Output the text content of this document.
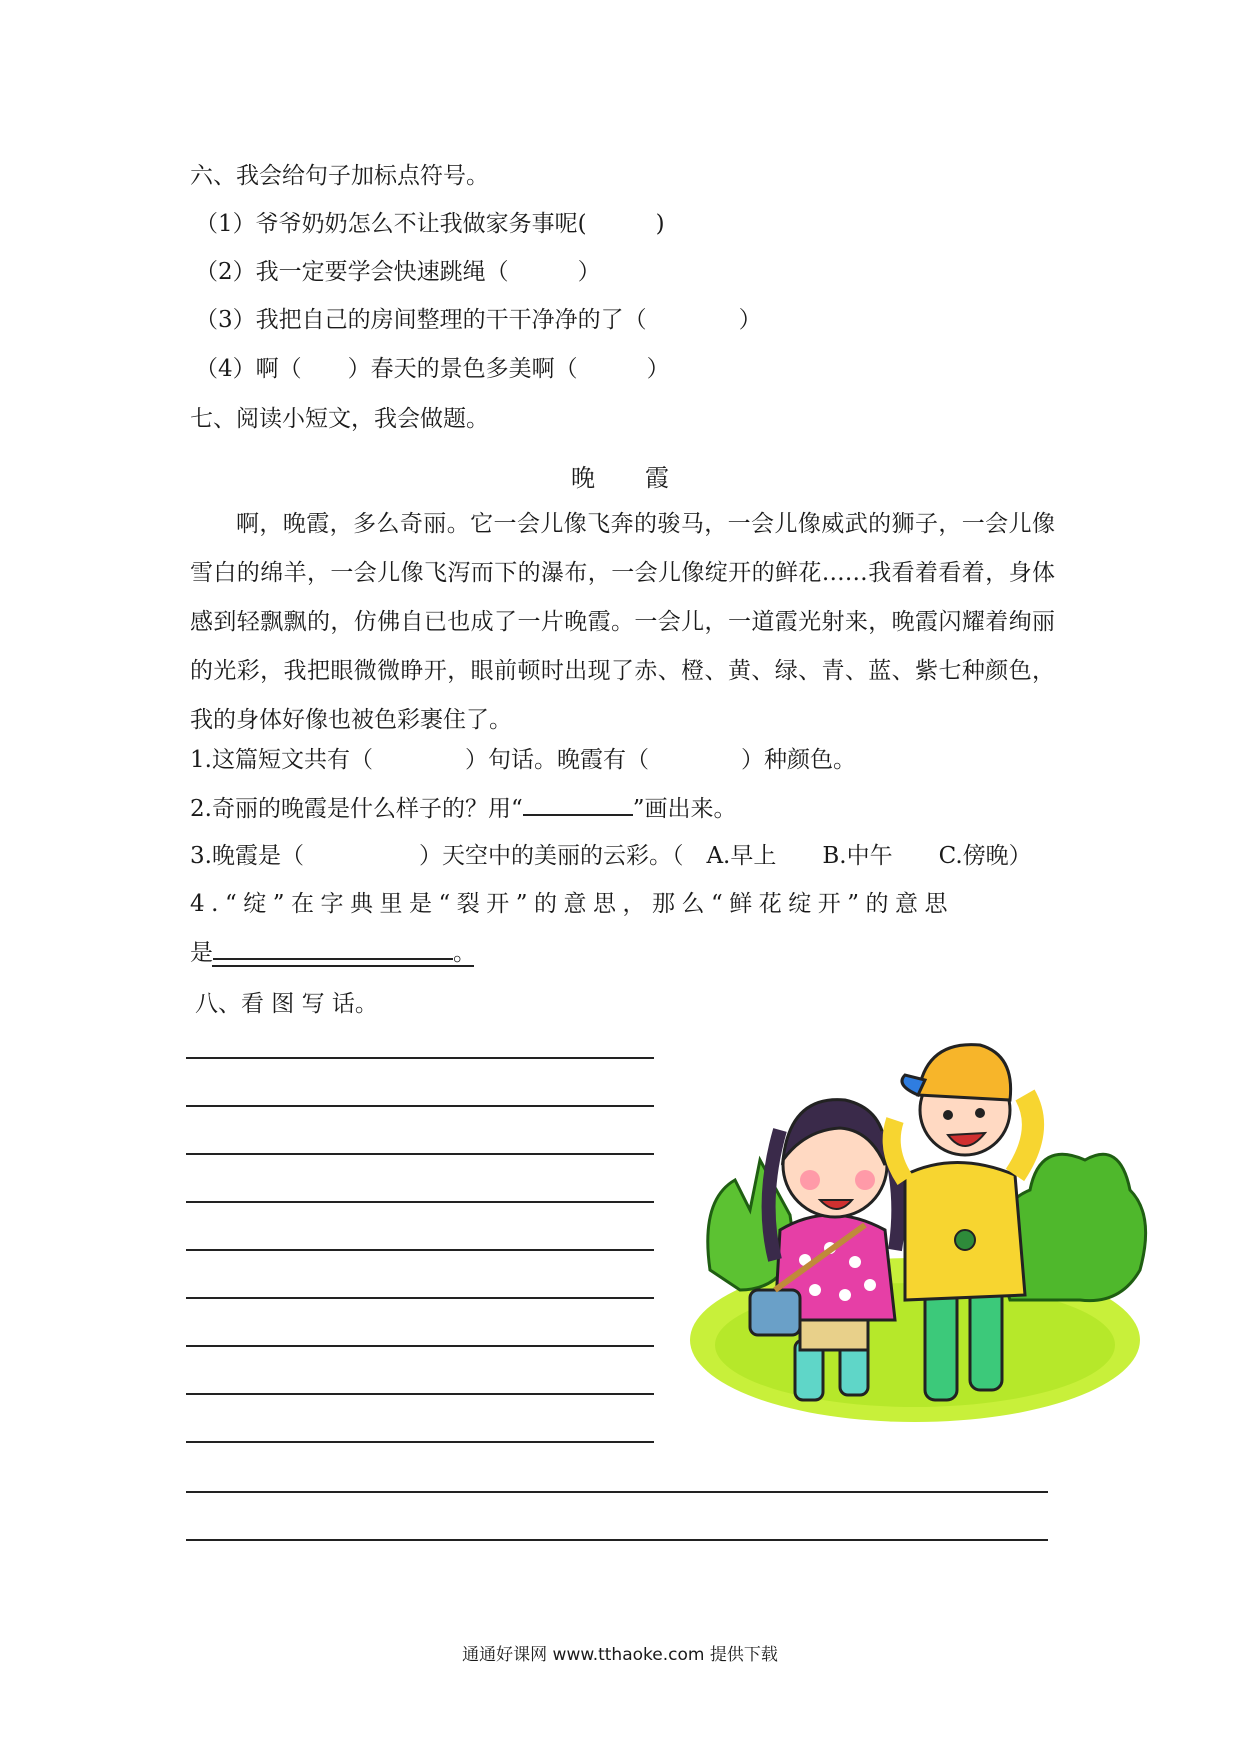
六、我会给句子加标点符号。
（1）爷爷奶奶怎么不让我做家务事呢(　　　)
（2）我一定要学会快速跳绳（　　　）
（3）我把自己的房间整理的干干净净的了（　　　　）
（4）啊（　　）春天的景色多美啊（　　　）
七、阅读小短文，我会做题。
晚 霞

啊，晚霞，多么奇丽。它一会儿像飞奔的骏马，一会儿像威武的狮子，一会儿像雪白的绵羊，一会儿像飞泻而下的瀑布，一会儿像绽开的鲜花……我看着看着，身体感到轻飘飘的，仿佛自已也成了一片晚霞。一会儿，一道霞光射来，晚霞闪耀着绚丽的光彩，我把眼微微睁开，眼前顿时出现了赤、橙、黄、绿、青、蓝、紫七种颜色，我的身体好像也被色彩裹住了。

1.这篇短文共有（　　　　）句话。晚霞有（　　　　）种颜色。
2.奇丽的晚霞是什么样子的？用“	”画出来。
3.晚霞是（　　　　　）天空中的美丽的云彩。（　A.早上　　B.中午　　C.傍晚）
4.“绽”在字典里是“裂开”的意思，那么“鲜花绽开”的意思
是	。
八、看 图 写 话。
通通好课网 www.tthaoke.com 提供下载
